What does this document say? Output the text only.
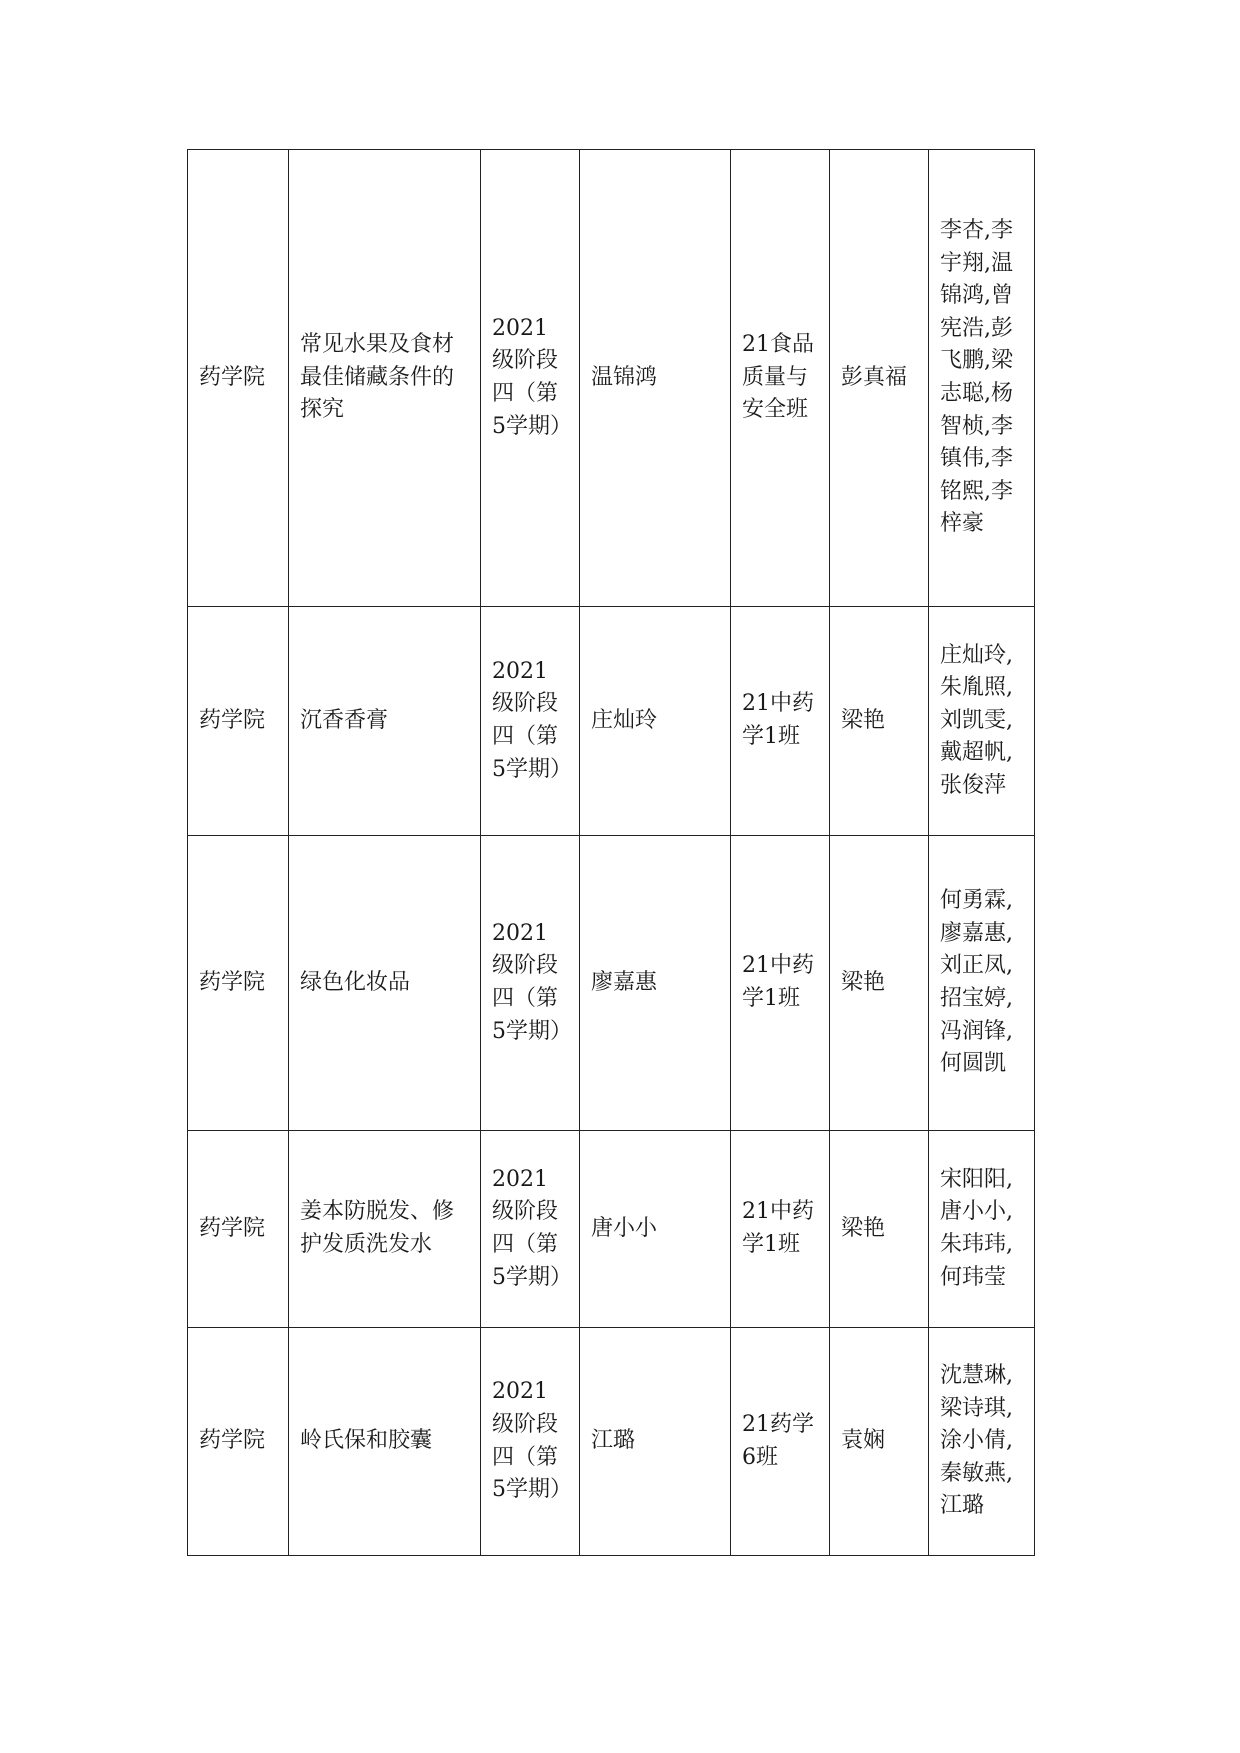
药学院	常见水果及食材最佳储藏条件的探究	2021级阶段四（第5学期）	温锦鸿	21食品质量与安全班	彭真福	李杏,李宇翔,温锦鸿,曾宪浩,彭飞鹏,梁志聪,杨智桢,李镇伟,李铭熙,李梓豪
药学院	沉香香膏	2021级阶段四（第5学期）	庄灿玲	21中药学1班	梁艳	庄灿玲,朱胤照,刘凯雯,戴超帆,张俊萍
药学院	绿色化妆品	2021级阶段四（第5学期）	廖嘉惠	21中药学1班	梁艳	何勇霖,廖嘉惠,刘正凤,招宝婷,冯润锋,何圆凯
药学院	姜本防脱发、修护发质洗发水	2021级阶段四（第5学期）	唐小小	21中药学1班	梁艳	宋阳阳,唐小小,朱玮玮,何玮莹
药学院	岭氏保和胶囊	2021级阶段四（第5学期）	江璐	21药学6班	袁娴	沈慧琳,梁诗琪,涂小倩,秦敏燕,江璐
